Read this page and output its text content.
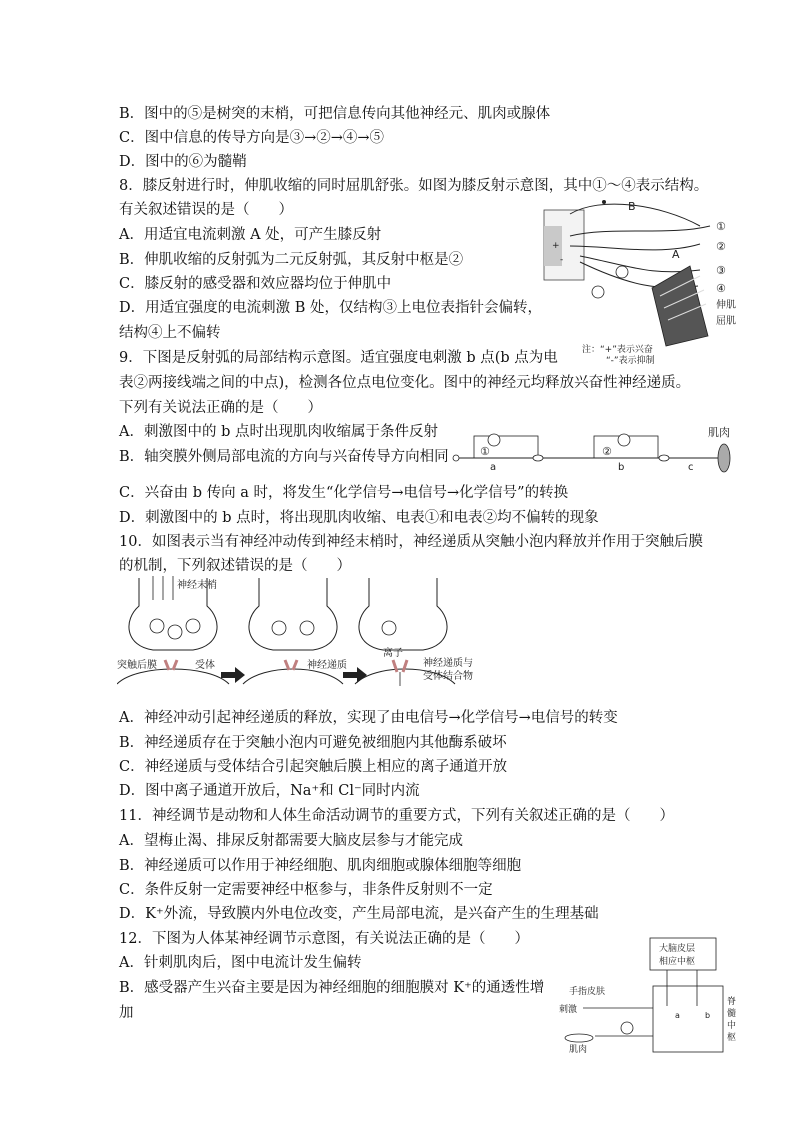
B．图中的⑤是树突的末梢，可把信息传向其他神经元、肌肉或腺体
C．图中信息的传导方向是③→②→④→⑤
D．图中的⑥为髓鞘
8．膝反射进行时，伸肌收缩的同时屈肌舒张。如图为膝反射示意图，其中①～④表示结构。
有关叙述错误的是（　　）
A．用适宜电流刺激 A 处，可产生膝反射
B．伸肌收缩的反射弧为二元反射弧，其反射中枢是②
C．膝反射的感受器和效应器均位于伸肌中
D．用适宜强度的电流刺激 B 处，仅结构③上电位表指针会偏转，
结构④上不偏转
9．下图是反射弧的局部结构示意图。适宜强度电刺激 b 点(b 点为电
表②两接线端之间的中点)，检测各位点电位变化。图中的神经元均释放兴奋性神经递质。
下列有关说法正确的是（　　）
A．刺激图中的 b 点时出现肌肉收缩属于条件反射
B．轴突膜外侧局部电流的方向与兴奋传导方向相同
C．兴奋由 b 传向 a 时，将发生“化学信号→电信号→化学信号”的转换
D．刺激图中的 b 点时，将出现肌肉收缩、电表①和电表②均不偏转的现象
10．如图表示当有神经冲动传到神经末梢时，神经递质从突触小泡内释放并作用于突触后膜
的机制，下列叙述错误的是（　　）
A．神经冲动引起神经递质的释放，实现了由电信号→化学信号→电信号的转变
B．神经递质存在于突触小泡内可避免被细胞内其他酶系破坏
C．神经递质与受体结合引起突触后膜上相应的离子通道开放
D．图中离子通道开放后，Na⁺和 Cl⁻同时内流
11．神经调节是动物和人体生命活动调节的重要方式，下列有关叙述正确的是（　　）
A．望梅止渴、排尿反射都需要大脑皮层参与才能完成
B．神经递质可以作用于神经细胞、肌肉细胞或腺体细胞等细胞
C．条件反射一定需要神经中枢参与，非条件反射则不一定
D．K⁺外流，导致膜内外电位改变，产生局部电流，是兴奋产生的生理基础
12．下图为人体某神经调节示意图，有关说法正确的是（　　）
A．针刺肌肉后，图中电流计发生偏转
B．感受器产生兴奋主要是因为神经细胞的细胞膜对 K⁺的通透性增
加
B
A
+
-
①
②
③
④
伸肌
屈肌
注：“+”表示兴奋
“-”表示抑制
①
a
②
b	c
肌肉
神经末梢
突触后膜	受体	神经递质
离子
神经递质与
受体结合物
大脑皮层
相应中枢
a	b
脊
髓
中
枢
手指皮肤
刺激
肌肉
